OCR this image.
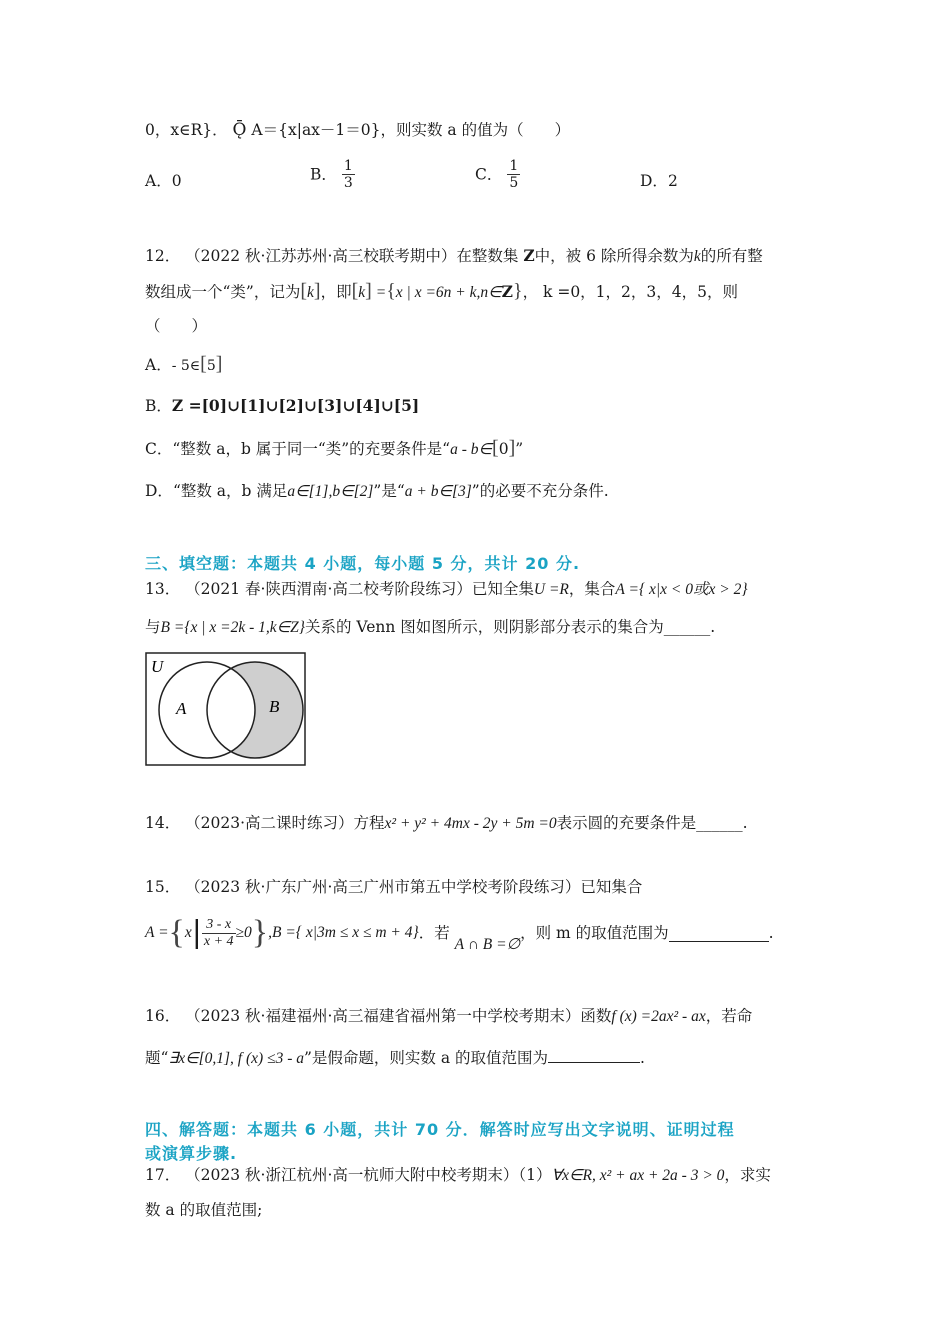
0，x∈R}． Ǭ A＝{x|ax－1＝0}，则实数 a 的值为（　　）
A．0	B． $\frac{1}{3}$	C． $\frac{1}{5}$	D．2
12． （2022 秋·江苏苏州·高三校联考期中）在整数集 Z中，被 6 除所得余数为k的所有整
数组成一个“类”，记为[k]，即[k] ={x | x =6n + k,n∈Z}， k =0，1，2，3，4，5，则
（　　）
A．- 5∈[5]
B．Z =[0]∪[1]∪[2]∪[3]∪[4]∪[5]
C．“整数 a，b 属于同一“类”的充要条件是“a - b∈[0]”
D．“整数 a，b 满足a∈[1],b∈[2]”是“a + b∈[3]”的必要不充分条件.
三、填空题：本题共 4 小题，每小题 5 分，共计 20 分.
13． （2021 春·陕西渭南·高二校考阶段练习）已知全集U =R，集合A ={ x|x < 0或x > 2}
与B ={x | x =2k - 1,k∈Z}关系的 Venn 图如图所示，则阴影部分表示的集合为______.
U
A	B
14． （2023·高二课时练习）方程x² + y² + 4mx - 2y + 5m =0表示圆的充要条件是______.
15． （2023 秋·广东广州·高三广州市第五中学校考阶段练习）已知集合
$A =\{x| \frac{3 - x}{x + 4} \ge 0\},B$ ={ x|3m ≤ x ≤ m + 4}．若 A ∩ B =∅，则 m 的取值范围为	.
16． （2023 秋·福建福州·高三福建省福州第一中学校考期末）函数f (x) =2ax² - ax，若命
题“∃x∈[0,1], f (x) ≤3 - a”是假命题，则实数 a 的取值范围为	.
四、解答题：本题共 6 小题，共计 70 分．解答时应写出文字说明、证明过程
或演算步骤.
17． （2023 秋·浙江杭州·高一杭师大附中校考期末）（1）∀x∈R, x² + ax + 2a - 3 > 0，求实
数 a 的取值范围;
